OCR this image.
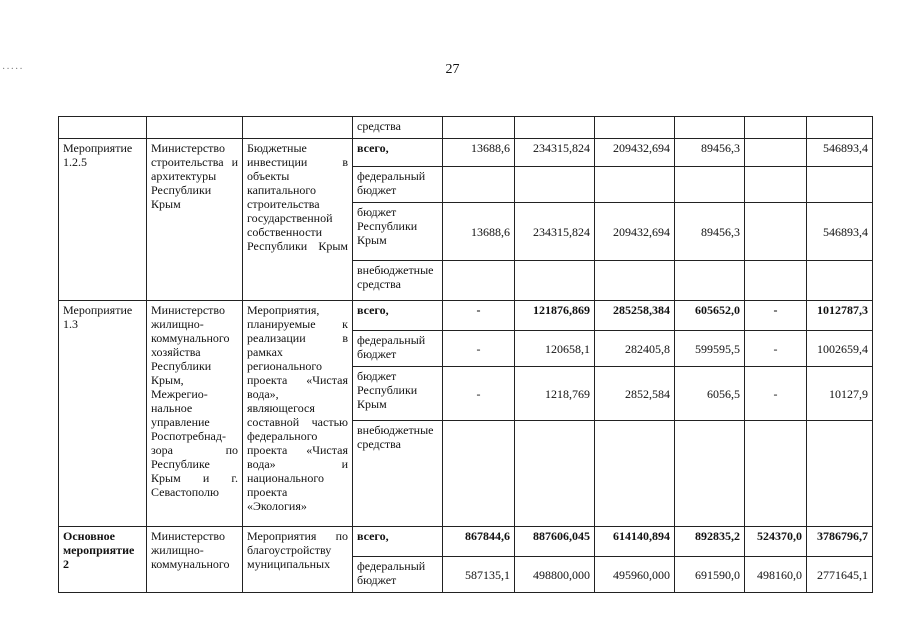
27
·····
			средства						
Мероприятие 1.2.5	Министерство строительства и архитектуры Республики Крым	Бюджетные инвестиции в объекты капитального строительства государственной собственности Республики Крым	всего,	13688,6	234315,824	209432,694	89456,3		546893,4
			федеральный бюджет						
			бюджет Республики Крым	13688,6	234315,824	209432,694	89456,3		546893,4
			внебюджетные средства						
Мероприятие 1.3	Министерство жилищно-коммунального хозяйства Республики Крым, Межрегио-нальное управление Роспотребнад-зора по Республике Крым и г. Севастополю	Мероприятия, планируемые к реализации в рамках регионального проекта «Чистая вода», являющегося составной частью федерального проекта «Чистая вода» и национального проекта «Экология»	всего,	-	121876,869	285258,384	605652,0	-	1012787,3
			федеральный бюджет	-	120658,1	282405,8	599595,5	-	1002659,4
			бюджет Республики Крым	-	1218,769	2852,584	6056,5	-	10127,9
			внебюджетные средства						
Основное мероприятие 2	Министерство жилищно-коммунального	Мероприятия по благоустройству муниципальных	всего,	867844,6	887606,045	614140,894	892835,2	524370,0	3786796,7
			федеральный бюджет	587135,1	498800,000	495960,000	691590,0	498160,0	2771645,1
